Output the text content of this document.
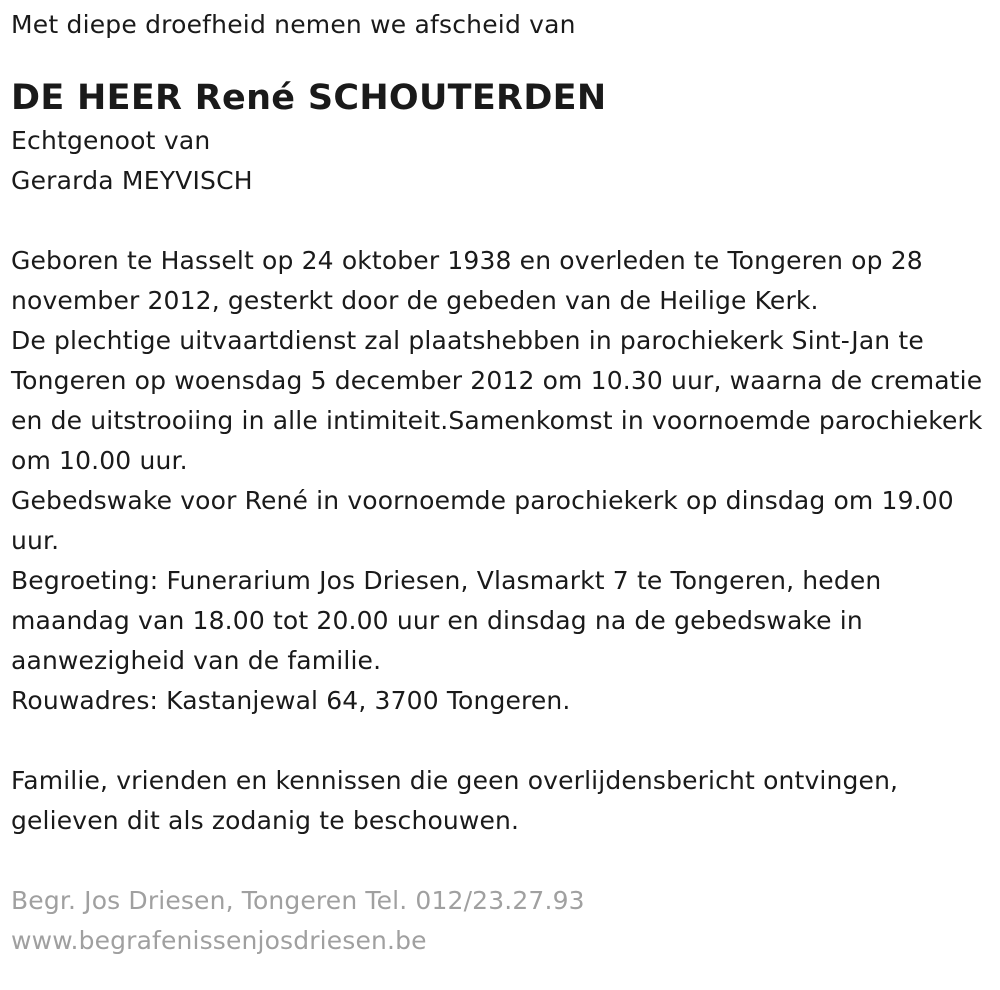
Met diepe droefheid nemen we afscheid van

DE HEER René SCHOUTERDEN

Echtgenoot van

Gerarda MEYVISCH

Geboren te Hasselt op 24 oktober 1938 en overleden te Tongeren op 28 november 2012, gesterkt door de gebeden van de Heilige Kerk.

De plechtige uitvaartdienst zal plaatshebben in parochiekerk Sint-Jan te Tongeren op woensdag 5 december 2012 om 10.30 uur, waarna de crematie en de uitstrooiing in alle intimiteit.Samenkomst in voornoemde parochiekerk om 10.00 uur.

Gebedswake voor René in voornoemde parochiekerk op dinsdag om 19.00 uur.

Begroeting: Funerarium Jos Driesen, Vlasmarkt 7 te Tongeren, heden maandag van 18.00 tot 20.00 uur en dinsdag na de gebedswake in aanwezigheid van de familie.

Rouwadres: Kastanjewal 64, 3700 Tongeren.

Familie, vrienden en kennissen die geen overlijdensbericht ontvingen, gelieven dit als zodanig te beschouwen.

Begr. Jos Driesen, Tongeren Tel. 012/23.27.93

www.begrafenissenjosdriesen.be
